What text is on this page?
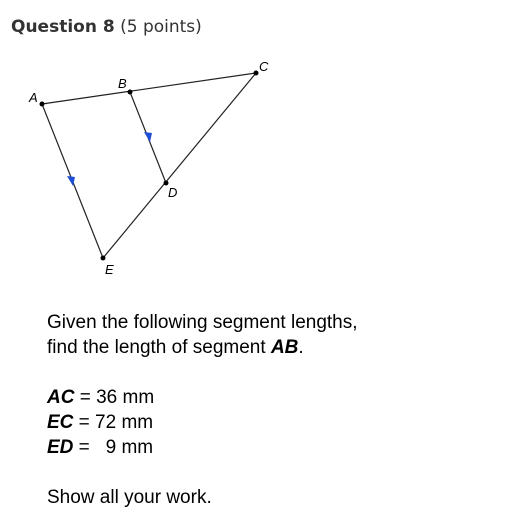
Question 8 (5 points)
A
B
C
D
E
Given the following segment lengths,
find the length of segment AB.
AC = 36 mm
EC = 72 mm
ED =   9 mm
Show all your work.
